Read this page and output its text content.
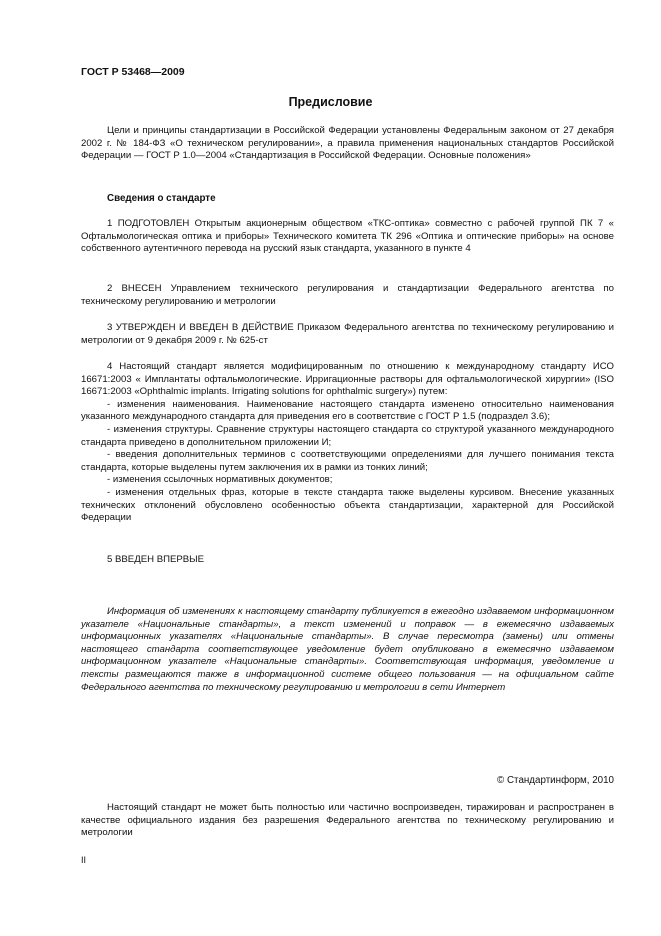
ГОСТ Р 53468—2009
Предисловие

Цели и принципы стандартизации в Российской Федерации установлены Федеральным законом от 27 декабря 2002 г. № 184-ФЗ «О техническом регулировании», а правила применения национальных стандартов Российской Федерации — ГОСТ Р 1.0—2004 «Стандартизация в Российской Федерации. Основные положения»

Сведения о стандарте

1 ПОДГОТОВЛЕН Открытым акционерным обществом «ТКС-оптика» совместно с рабочей группой ПК 7 « Офтальмологическая оптика и приборы» Технического комитета ТК 296 «Оптика и оптические приборы» на основе собственного аутентичного перевода на русский язык стандарта, указанного в пункте 4

2 ВНЕСЕН Управлением технического регулирования и стандартизации Федерального агентства по техническому регулированию и метрологии

3 УТВЕРЖДЕН И ВВЕДЕН В ДЕЙСТВИЕ Приказом Федерального агентства по техническому регулированию и метрологии от 9 декабря 2009 г. № 625-ст

4 Настоящий стандарт является модифицированным по отношению к международному стандарту ИСО 16671:2003 « Имплантаты офтальмологические. Ирригационные растворы для офтальмологической хирургии» (ISO 16671:2003 «Ophthalmic implants. Irrigating solutions for ophthalmic surgery») путем:

- изменения наименования. Наименование настоящего стандарта изменено относительно наименования указанного международного стандарта для приведения его в соответствие с ГОСТ Р 1.5 (подраздел 3.6);

- изменения структуры. Сравнение структуры настоящего стандарта со структурой указанного международного стандарта приведено в дополнительном приложении И;

- введения дополнительных терминов с соответствующими определениями для лучшего понимания текста стандарта, которые выделены путем заключения их в рамки из тонких линий;

- изменения ссылочных нормативных документов;

- изменения отдельных фраз, которые в тексте стандарта также выделены курсивом. Внесение указанных технических отклонений обусловлено особенностью объекта стандартизации, характерной для Российской Федерации

5 ВВЕДЕН ВПЕРВЫЕ

Информация об изменениях к настоящему стандарту публикуется в ежегодно издаваемом информационном указателе «Национальные стандарты», а текст изменений и поправок — в ежемесячно издаваемых информационных указателях «Национальные стандарты». В случае пересмотра (замены) или отмены настоящего стандарта соответствующее уведомление будет опубликовано в ежемесячно издаваемом информационном указателе «Национальные стандарты». Соответствующая информация, уведомление и тексты размещаются также в информационной системе общего пользования — на официальном сайте Федерального агентства по техническому регулированию и метрологии в сети Интернет

© Стандартинформ, 2010

Настоящий стандарт не может быть полностью или частично воспроизведен, тиражирован и распространен в качестве официального издания без разрешения Федерального агентства по техническому регулированию и метрологии

II
